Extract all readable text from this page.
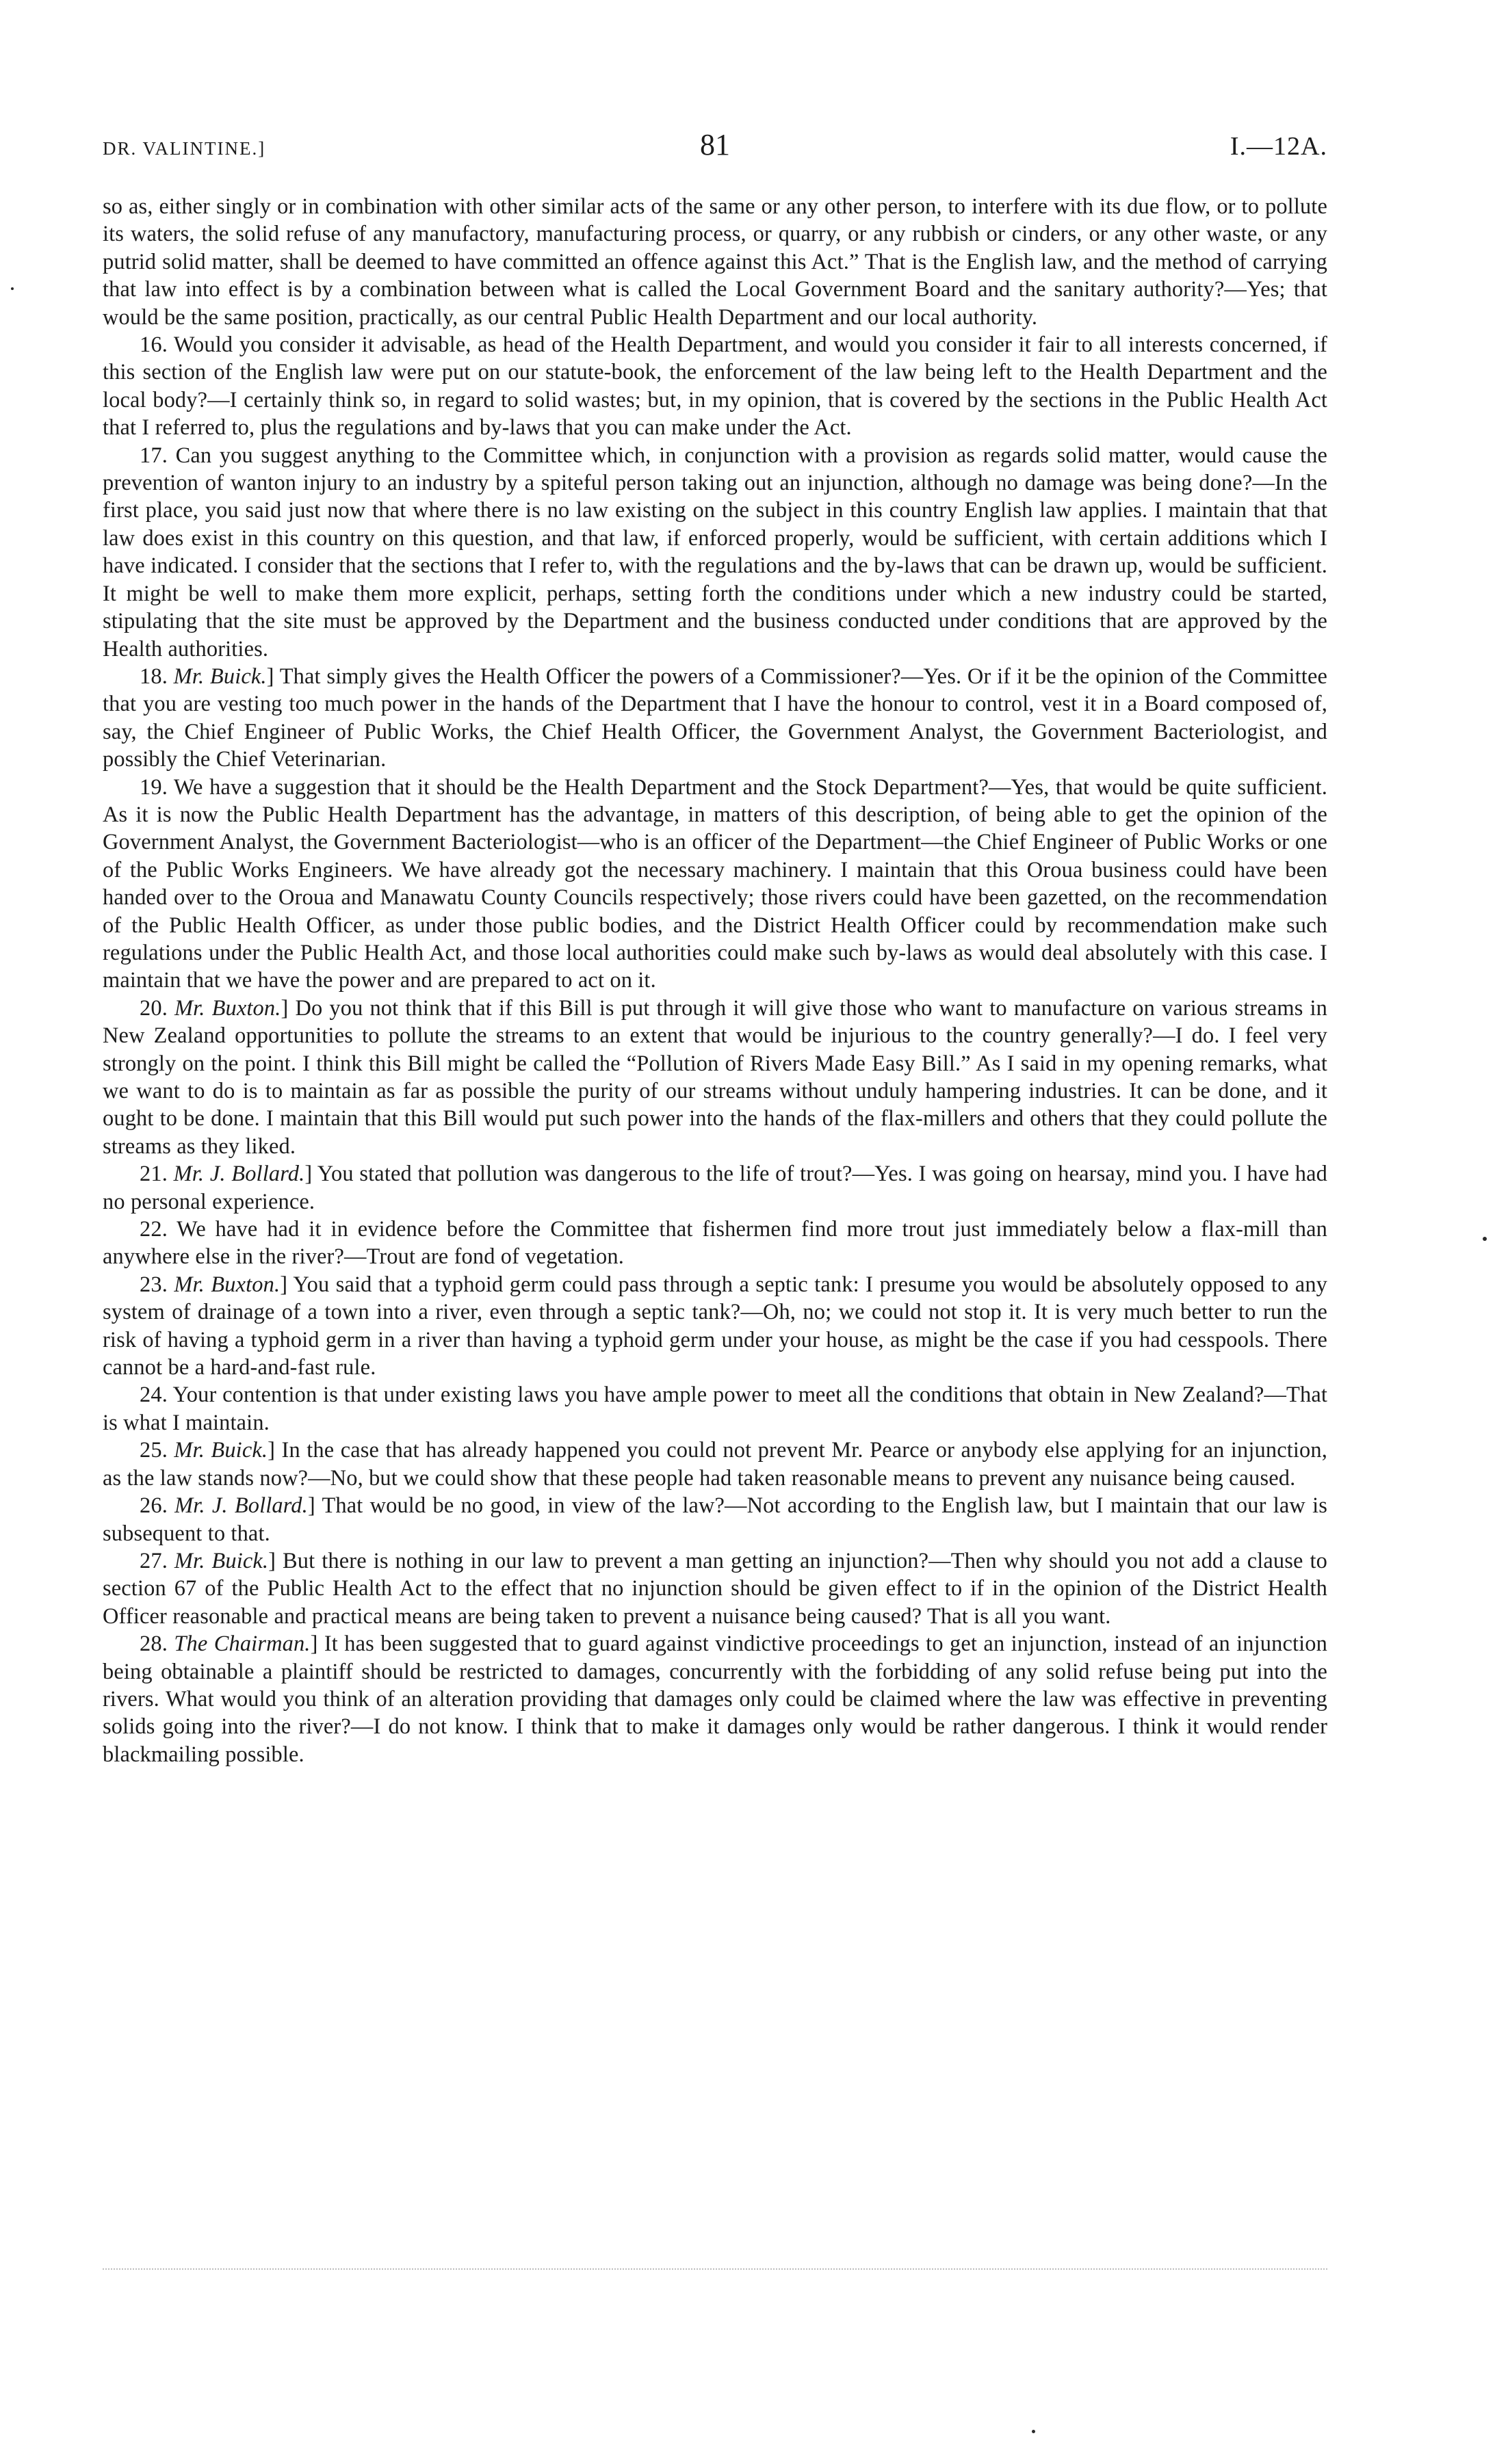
DR. VALINTINE.]	81	I.—12A.

so as, either singly or in combination with other similar acts of the same or any other person, to interfere with its due flow, or to pollute its waters, the solid refuse of any manufactory, manufacturing process, or quarry, or any rubbish or cinders, or any other waste, or any putrid solid matter, shall be deemed to have committed an offence against this Act.” That is the English law, and the method of carrying that law into effect is by a combination between what is called the Local Government Board and the sanitary authority?—Yes; that would be the same position, practically, as our central Public Health Department and our local authority.

16. Would you consider it advisable, as head of the Health Department, and would you consider it fair to all interests concerned, if this section of the English law were put on our statute-book, the enforcement of the law being left to the Health Department and the local body?—I certainly think so, in regard to solid wastes; but, in my opinion, that is covered by the sections in the Public Health Act that I referred to, plus the regulations and by-laws that you can make under the Act.

17. Can you suggest anything to the Committee which, in conjunction with a provision as regards solid matter, would cause the prevention of wanton injury to an industry by a spiteful person taking out an injunction, although no damage was being done?—In the first place, you said just now that where there is no law existing on the subject in this country English law applies. I maintain that that law does exist in this country on this question, and that law, if enforced properly, would be sufficient, with certain additions which I have indicated. I consider that the sections that I refer to, with the regulations and the by-laws that can be drawn up, would be sufficient. It might be well to make them more explicit, perhaps, setting forth the conditions under which a new industry could be started, stipulating that the site must be approved by the Department and the business conducted under conditions that are approved by the Health authorities.

18. Mr. Buick.] That simply gives the Health Officer the powers of a Commissioner?—Yes. Or if it be the opinion of the Committee that you are vesting too much power in the hands of the Department that I have the honour to control, vest it in a Board composed of, say, the Chief Engineer of Public Works, the Chief Health Officer, the Government Analyst, the Government Bacteriologist, and possibly the Chief Veterinarian.

19. We have a suggestion that it should be the Health Department and the Stock Department?—Yes, that would be quite sufficient. As it is now the Public Health Department has the advantage, in matters of this description, of being able to get the opinion of the Government Analyst, the Government Bacteriologist—who is an officer of the Department—the Chief Engineer of Public Works or one of the Public Works Engineers. We have already got the necessary machinery. I maintain that this Oroua business could have been handed over to the Oroua and Manawatu County Councils respectively; those rivers could have been gazetted, on the recommendation of the Public Health Officer, as under those public bodies, and the District Health Officer could by recommendation make such regulations under the Public Health Act, and those local authorities could make such by-laws as would deal absolutely with this case. I maintain that we have the power and are prepared to act on it.

20. Mr. Buxton.] Do you not think that if this Bill is put through it will give those who want to manufacture on various streams in New Zealand opportunities to pollute the streams to an extent that would be injurious to the country generally?—I do. I feel very strongly on the point. I think this Bill might be called the “Pollution of Rivers Made Easy Bill.” As I said in my opening remarks, what we want to do is to maintain as far as possible the purity of our streams without unduly hampering industries. It can be done, and it ought to be done. I maintain that this Bill would put such power into the hands of the flax-millers and others that they could pollute the streams as they liked.

21. Mr. J. Bollard.] You stated that pollution was dangerous to the life of trout?—Yes. I was going on hearsay, mind you. I have had no personal experience.

22. We have had it in evidence before the Committee that fishermen find more trout just immediately below a flax-mill than anywhere else in the river?—Trout are fond of vegetation.

23. Mr. Buxton.] You said that a typhoid germ could pass through a septic tank: I presume you would be absolutely opposed to any system of drainage of a town into a river, even through a septic tank?—Oh, no; we could not stop it. It is very much better to run the risk of having a typhoid germ in a river than having a typhoid germ under your house, as might be the case if you had cesspools. There cannot be a hard-and-fast rule.

24. Your contention is that under existing laws you have ample power to meet all the conditions that obtain in New Zealand?—That is what I maintain.

25. Mr. Buick.] In the case that has already happened you could not prevent Mr. Pearce or anybody else applying for an injunction, as the law stands now?—No, but we could show that these people had taken reasonable means to prevent any nuisance being caused.

26. Mr. J. Bollard.] That would be no good, in view of the law?—Not according to the English law, but I maintain that our law is subsequent to that.

27. Mr. Buick.] But there is nothing in our law to prevent a man getting an injunction?—Then why should you not add a clause to section 67 of the Public Health Act to the effect that no injunction should be given effect to if in the opinion of the District Health Officer reasonable and practical means are being taken to prevent a nuisance being caused? That is all you want.

28. The Chairman.] It has been suggested that to guard against vindictive proceedings to get an injunction, instead of an injunction being obtainable a plaintiff should be restricted to damages, concurrently with the forbidding of any solid refuse being put into the rivers. What would you think of an alteration providing that damages only could be claimed where the law was effective in preventing solids going into the river?—I do not know. I think that to make it damages only would be rather dangerous. I think it would render blackmailing possible.
